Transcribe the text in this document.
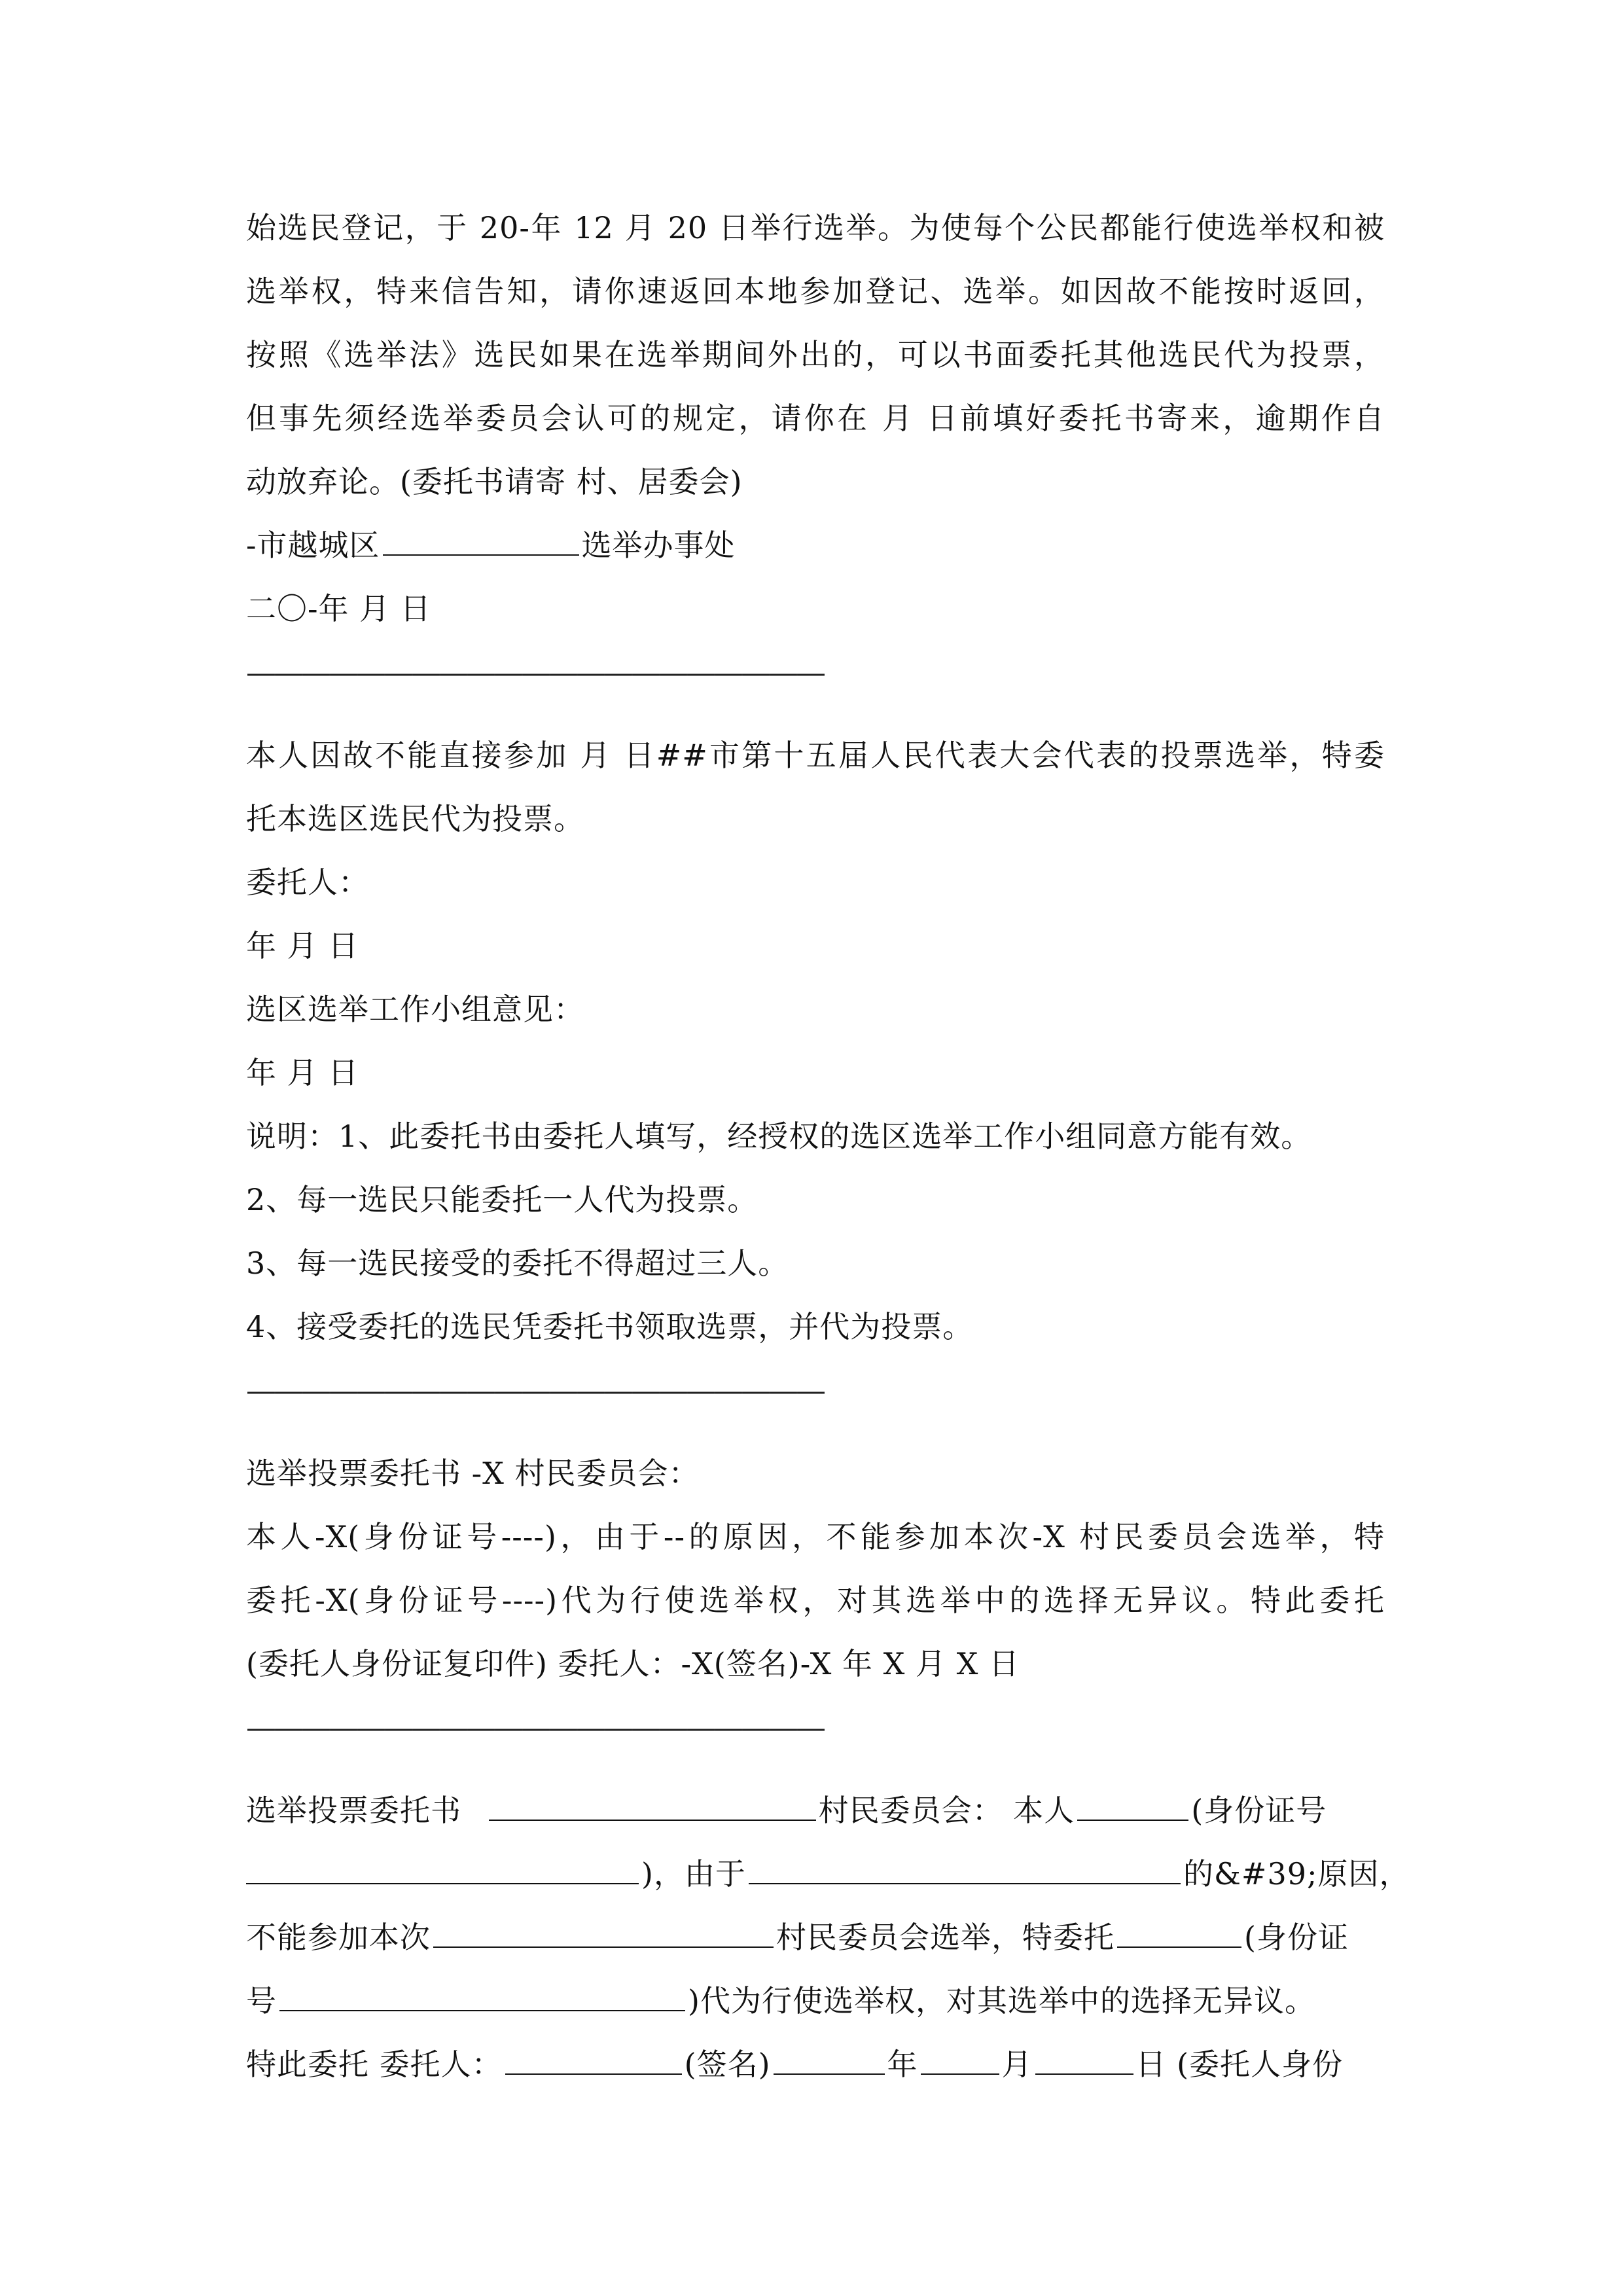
始选民登记，于 20-年 12 月 20 日举行选举。为使每个公民都能行使选举权和被
选举权，特来信告知，请你速返回本地参加登记、选举。如因故不能按时返回，
按照《选举法》选民如果在选举期间外出的，可以书面委托其他选民代为投票，
但事先须经选举委员会认可的规定，请你在 月 日前填好委托书寄来，逾期作自
动放弃论。(委托书请寄 村、居委会)
-市越城区	选举办事处
二〇-年 月 日
—————————————————————
本人因故不能直接参加 月 日##市第十五届人民代表大会代表的投票选举，特委
托本选区选民代为投票。
委托人：
年 月 日
选区选举工作小组意见：
年 月 日
说明：1、此委托书由委托人填写，经授权的选区选举工作小组同意方能有效。
2、每一选民只能委托一人代为投票。
3、每一选民接受的委托不得超过三人。
4、接受委托的选民凭委托书领取选票，并代为投票。
—————————————————————
选举投票委托书 -X 村民委员会：
本人-X(身份证号----)，由于--的原因，不能参加本次-X 村民委员会选举，特
委托-X(身份证号----)代为行使选举权，对其选举中的选择无异议。特此委托
(委托人身份证复印件) 委托人：-X(签名)-X 年 X 月 X 日
—————————————————————
选举投票委托书	村民委员会： 本人	(身份证号
)，由于	的&#39;原因，
不能参加本次	村民委员会选举，特委托	(身份证
号	)代为行使选举权，对其选举中的选择无异议。
特此委托 委托人：	(签名)	年	月	日 (委托人身份
